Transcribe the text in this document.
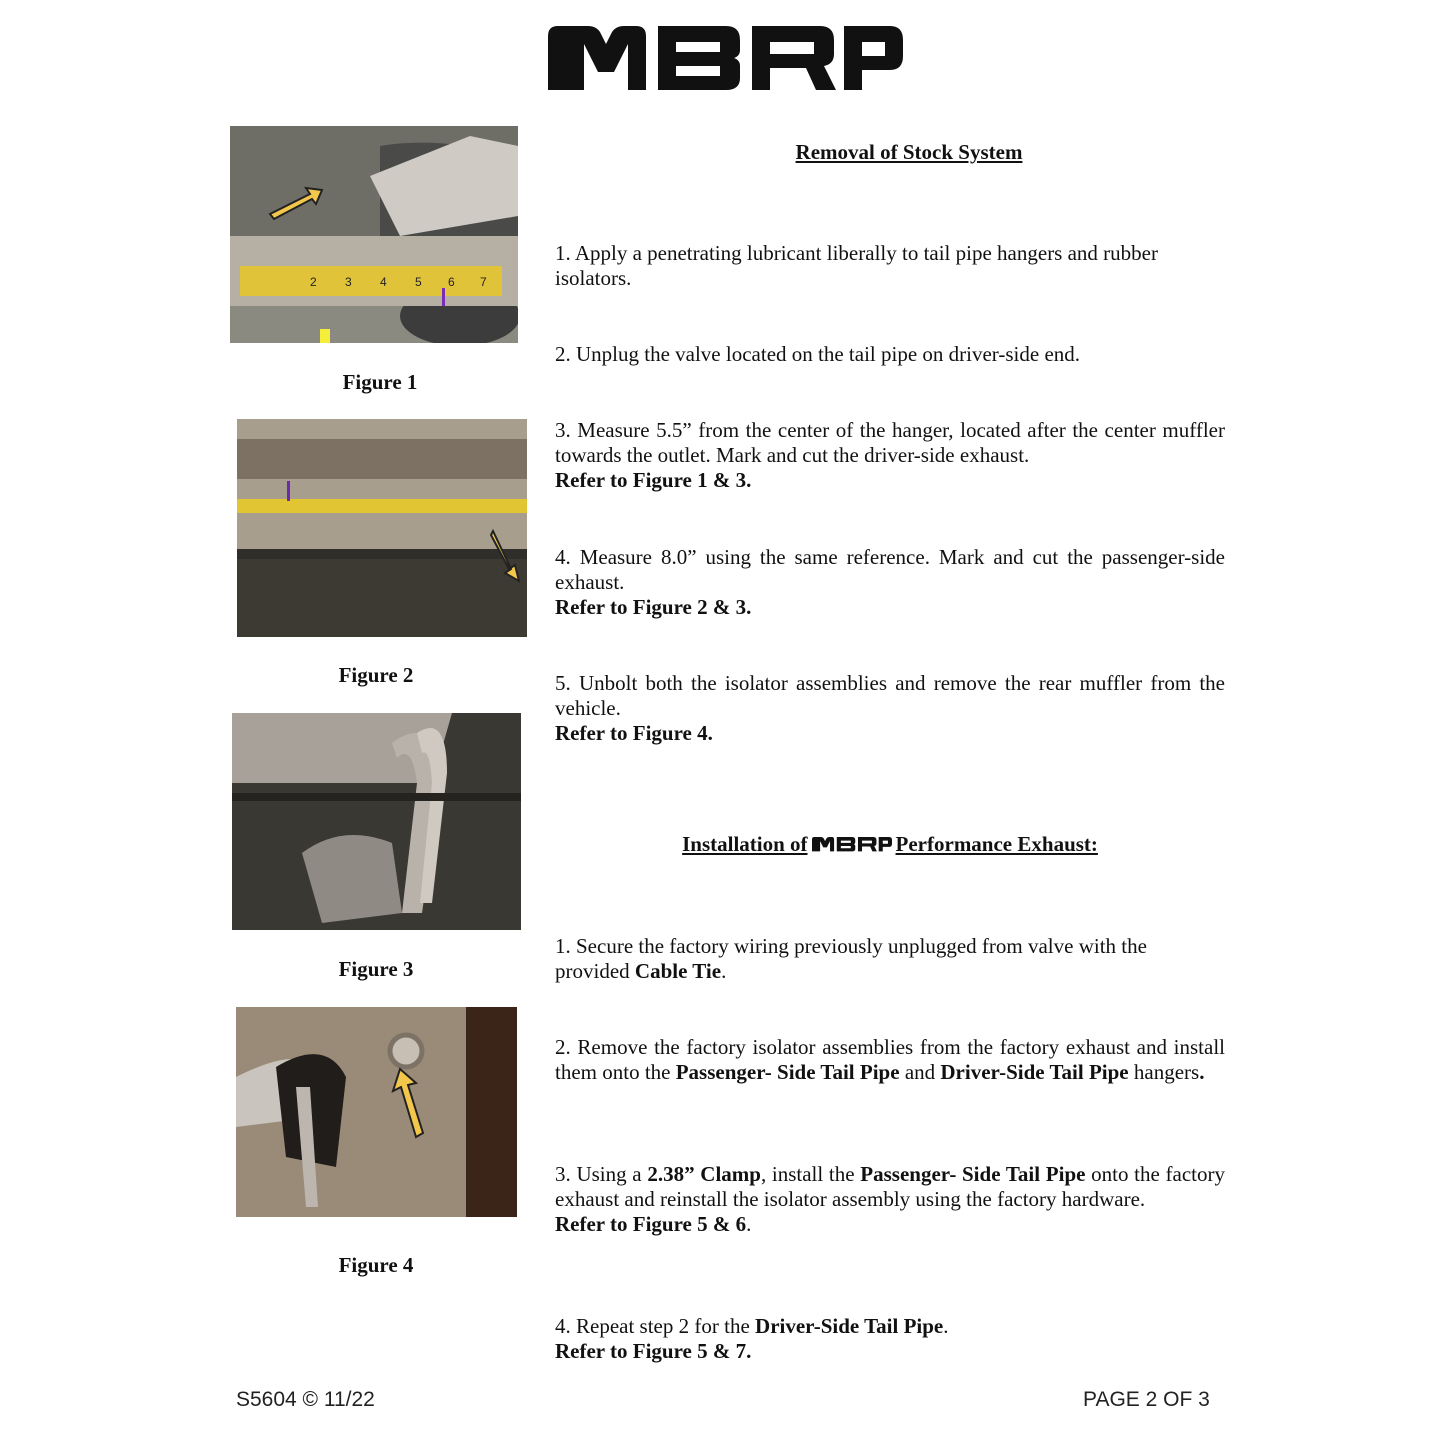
2 3 4 5 6 7
Figure 1
Figure 2
Figure 3
Figure 4
Removal of Stock System
1. Apply a penetrating lubricant liberally to tail pipe hangers and rubber isolators.
2. Unplug the valve located on the tail pipe on driver-side end.
3. Measure 5.5” from the center of the hanger, located after the center muffler towards the outlet. Mark and cut the driver-side exhaust.
Refer to Figure 1 & 3.
4. Measure 8.0” using the same reference. Mark and cut the passenger-side exhaust.
Refer to Figure 2 & 3.
5. Unbolt both the isolator assemblies and remove the rear muffler from the vehicle.
Refer to Figure 4.
Installation of	Performance Exhaust:
1. Secure the factory wiring previously unplugged from valve with the provided Cable Tie.
2. Remove the factory isolator assemblies from the factory exhaust and install them onto the Passenger- Side Tail Pipe and Driver-Side Tail Pipe hangers.
3. Using a 2.38” Clamp, install the Passenger- Side Tail Pipe onto the factory exhaust and reinstall the isolator assembly using the factory hardware.
Refer to Figure 5 & 6.
4. Repeat step 2 for the Driver-Side Tail Pipe.
Refer to Figure 5 & 7.
S5604 © 11/22	PAGE 2 OF 3
